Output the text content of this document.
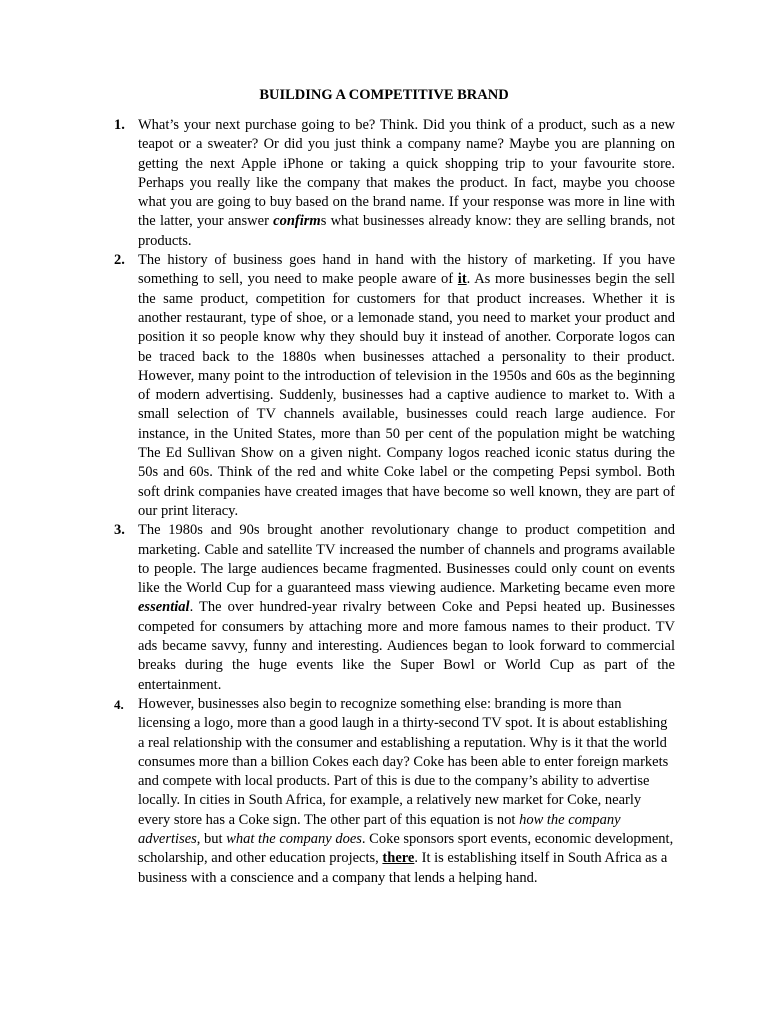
BUILDING A COMPETITIVE BRAND
1. What’s your next purchase going to be? Think. Did you think of a product, such as a new teapot or a sweater? Or did you just think a company name? Maybe you are planning on getting the next Apple iPhone or taking a quick shopping trip to your favourite store. Perhaps you really like the company that makes the product. In fact, maybe you choose what you are going to buy based on the brand name. If your response was more in line with the latter, your answer confirms what businesses already know: they are selling brands, not products.
2. The history of business goes hand in hand with the history of marketing. If you have something to sell, you need to make people aware of it. As more businesses begin the sell the same product, competition for customers for that product increases. Whether it is another restaurant, type of shoe, or a lemonade stand, you need to market your product and position it so people know why they should buy it instead of another. Corporate logos can be traced back to the 1880s when businesses attached a personality to their product. However, many point to the introduction of television in the 1950s and 60s as the beginning of modern advertising. Suddenly, businesses had a captive audience to market to. With a small selection of TV channels available, businesses could reach large audience. For instance, in the United States, more than 50 per cent of the population might be watching The Ed Sullivan Show on a given night. Company logos reached iconic status during the 50s and 60s. Think of the red and white Coke label or the competing Pepsi symbol. Both soft drink companies have created images that have become so well known, they are part of our print literacy.
3. The 1980s and 90s brought another revolutionary change to product competition and marketing. Cable and satellite TV increased the number of channels and programs available to people. The large audiences became fragmented. Businesses could only count on events like the World Cup for a guaranteed mass viewing audience. Marketing became even more essential. The over hundred-year rivalry between Coke and Pepsi heated up. Businesses competed for consumers by attaching more and more famous names to their product. TV ads became savvy, funny and interesting. Audiences began to look forward to commercial breaks during the huge events like the Super Bowl or World Cup as part of the entertainment.
4. However, businesses also begin to recognize something else: branding is more than licensing a logo, more than a good laugh in a thirty-second TV spot. It is about establishing a real relationship with the consumer and establishing a reputation. Why is it that the world consumes more than a billion Cokes each day? Coke has been able to enter foreign markets and compete with local products. Part of this is due to the company’s ability to advertise locally. In cities in South Africa, for example, a relatively new market for Coke, nearly every store has a Coke sign. The other part of this equation is not how the company advertises, but what the company does. Coke sponsors sport events, economic development, scholarship, and other education projects, there. It is establishing itself in South Africa as a business with a conscience and a company that lends a helping hand.
